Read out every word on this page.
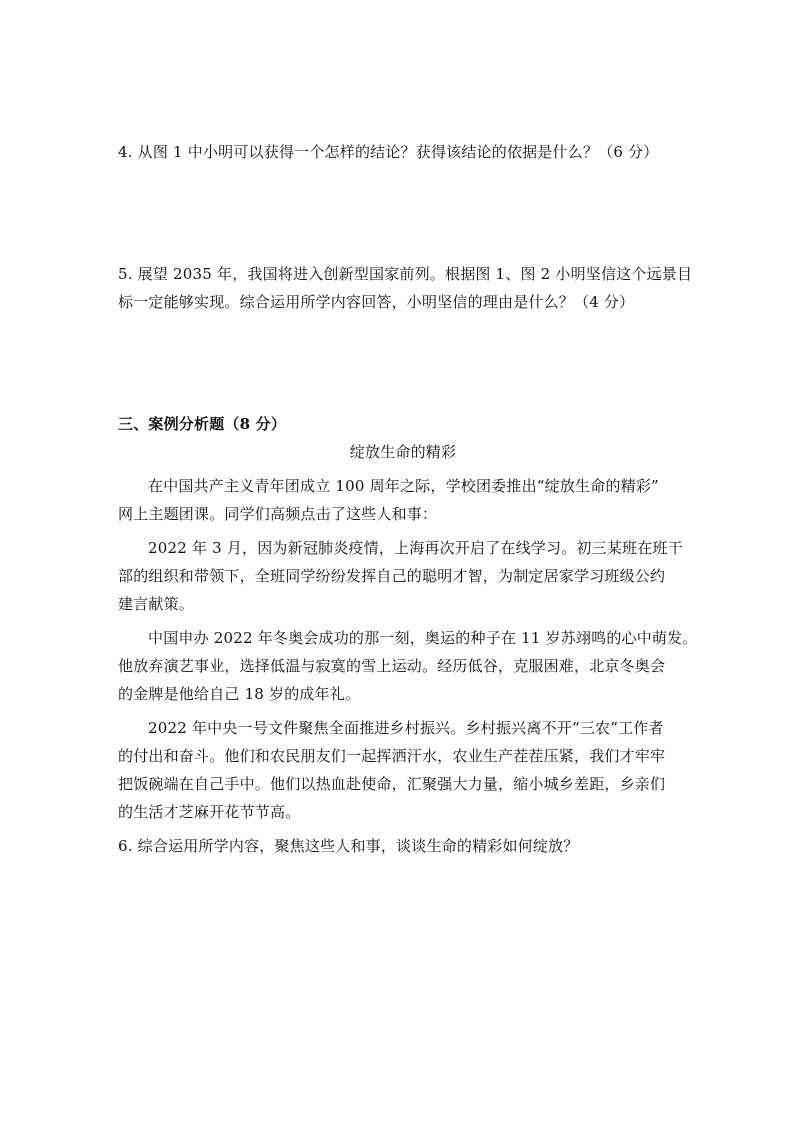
4. 从图 1 中小明可以获得一个怎样的结论？获得该结论的依据是什么？（6 分）
5. 展望 2035 年，我国将进入创新型国家前列。根据图 1、图 2 小明坚信这个远景目
标一定能够实现。综合运用所学内容回答，小明坚信的理由是什么？（4 分）
三、案例分析题（8 分）
绽放生命的精彩
在中国共产主义青年团成立 100 周年之际，学校团委推出“绽放生命的精彩”
网上主题团课。同学们高频点击了这些人和事：
2022 年 3 月，因为新冠肺炎疫情，上海再次开启了在线学习。初三某班在班干
部的组织和带领下，全班同学纷纷发挥自己的聪明才智，为制定居家学习班级公约
建言献策。
中国申办 2022 年冬奥会成功的那一刻，奥运的种子在 11 岁苏翊鸣的心中萌发。
他放弃演艺事业，选择低温与寂寞的雪上运动。经历低谷，克服困难，北京冬奥会
的金牌是他给自己 18 岁的成年礼。
2022 年中央一号文件聚焦全面推进乡村振兴。乡村振兴离不开“三农”工作者
的付出和奋斗。他们和农民朋友们一起挥洒汗水，农业生产茬茬压紧，我们才牢牢
把饭碗端在自己手中。他们以热血赴使命，汇聚强大力量，缩小城乡差距，乡亲们
的生活才芝麻开花节节高。
6. 综合运用所学内容，聚焦这些人和事，谈谈生命的精彩如何绽放？
